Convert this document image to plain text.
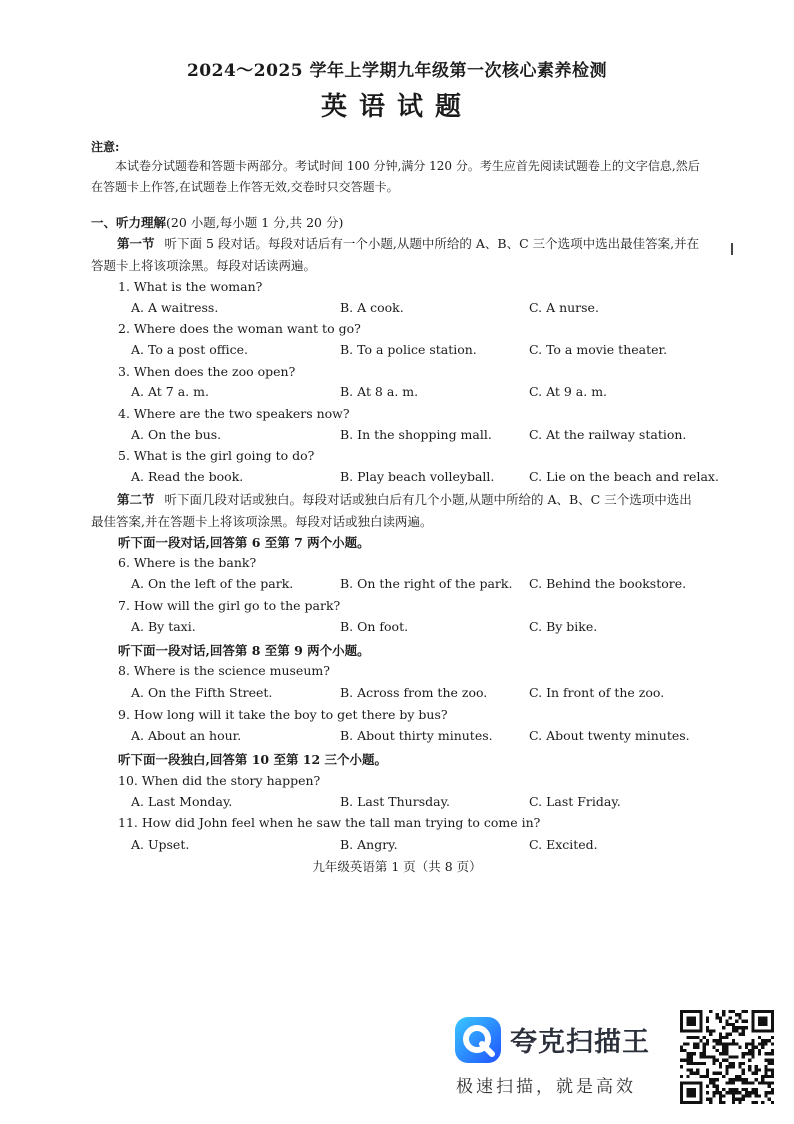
2024～2025 学年上学期九年级第一次核心素养检测
英语试题
注意:
本试卷分试题卷和答题卡两部分。考试时间 100 分钟,满分 120 分。考生应首先阅读试题卷上的文字信息,然后在答题卡上作答,在试题卷上作答无效,交卷时只交答题卡。
一、听力理解(20 小题,每小题 1 分,共 20 分)
第一节 听下面 5 段对话。每段对话后有一个小题,从题中所给的 A、B、C 三个选项中选出最佳答案,并在答题卡上将该项涂黑。每段对话读两遍。
1. What is the woman?
A. A waitress.	B. A cook.	C. A nurse.
2. Where does the woman want to go?
A. To a post office.	B. To a police station.	C. To a movie theater.
3. When does the zoo open?
A. At 7 a. m.	B. At 8 a. m.	C. At 9 a. m.
4. Where are the two speakers now?
A. On the bus.	B. In the shopping mall.	C. At the railway station.
5. What is the girl going to do?
A. Read the book.	B. Play beach volleyball.	C. Lie on the beach and relax.
第二节 听下面几段对话或独白。每段对话或独白后有几个小题,从题中所给的 A、B、C 三个选项中选出最佳答案,并在答题卡上将该项涂黑。每段对话或独白读两遍。
听下面一段对话,回答第 6 至第 7 两个小题。
6. Where is the bank?
A. On the left of the park.	B. On the right of the park. C. Behind the bookstore.
7. How will the girl go to the park?
A. By taxi.	B. On foot.	C. By bike.
听下面一段对话,回答第 8 至第 9 两个小题。
8. Where is the science museum?
A. On the Fifth Street.	B. Across from the zoo.	C. In front of the zoo.
9. How long will it take the boy to get there by bus?
A. About an hour.	B. About thirty minutes.	C. About twenty minutes.
听下面一段独白,回答第 10 至第 12 三个小题。
10. When did the story happen?
A. Last Monday.	B. Last Thursday.	C. Last Friday.
11. How did John feel when he saw the tall man trying to come in?
A. Upset.	B. Angry.	C. Excited.
九年级英语第 1 页（共 8 页）
夸克扫描王
极速扫描，就是高效
